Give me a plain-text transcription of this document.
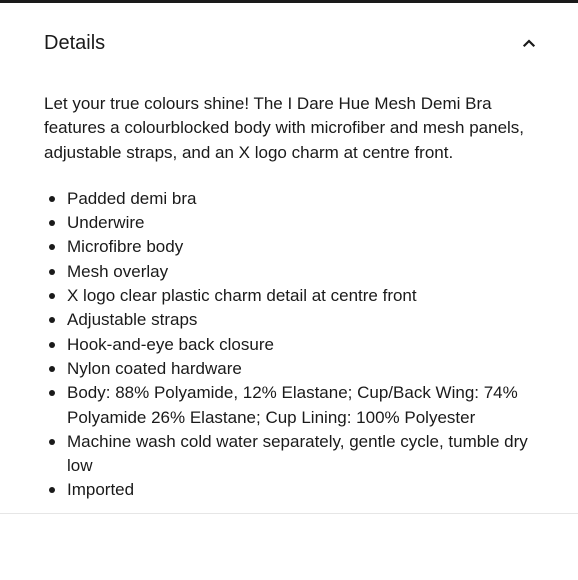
Details

Let your true colours shine! The I Dare Hue Mesh Demi Bra features a colourblocked body with microfiber and mesh panels, adjustable straps, and an X logo charm at centre front.

Padded demi bra
Underwire
Microfibre body
Mesh overlay
X logo clear plastic charm detail at centre front
Adjustable straps
Hook-and-eye back closure
Nylon coated hardware
Body: 88% Polyamide, 12% Elastane; Cup/Back Wing: 74% Polyamide 26% Elastane; Cup Lining: 100% Polyester
Machine wash cold water separately, gentle cycle, tumble dry low
Imported
